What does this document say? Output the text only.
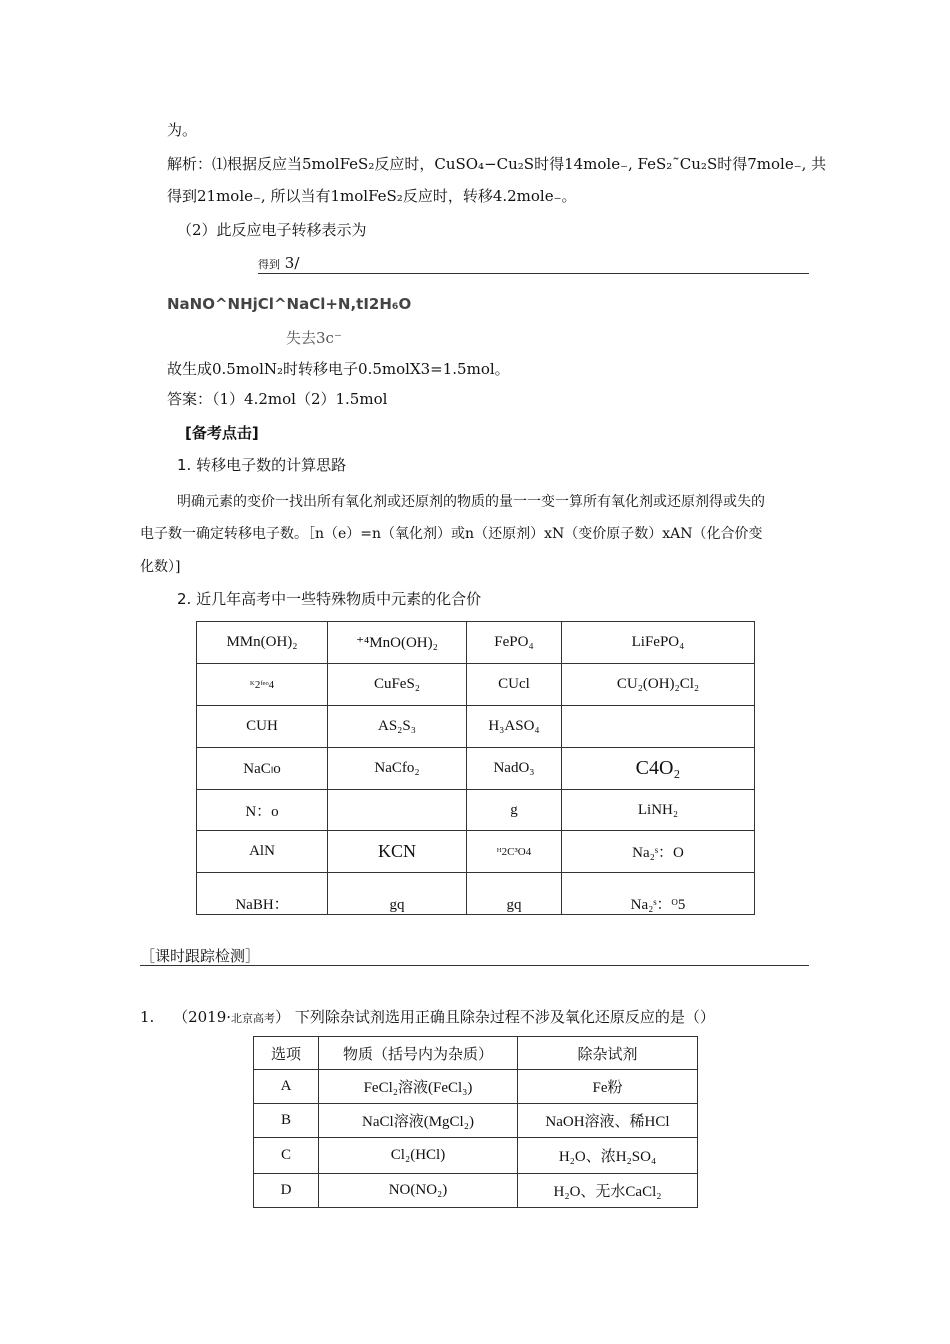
为。
解析：⑴根据反应当5molFeS₂反应时，CuSO₄−Cu₂S时得14mole₋, FeS₂˜Cu₂S时得7mole₋, 共
得到21mole₋, 所以当有1molFeS₂反应时，转移4.2mole₋。
（2）此反应电子转移表示为
得到 3/
NaNO^NHjCl^NaCl+N,tI2H₆O
失去3c⁻
故生成0.5molN₂时转移电子0.5molX3=1.5mol。
答案：（1）4.2mol（2）1.5mol
[备考点击]
1. 转移电子数的计算思路
明确元素的变价一找出所有氧化剂或还原剂的物质的量一一变一算所有氧化剂或还原剂得或失的
电子数一确定转移电子数。［n（e）=n（氧化剂）或n（还原剂）xN（变价原子数）xAN（化合价变
化数）]
2. 近几年高考中一些特殊物质中元素的化合价
MMn(OH)₂	⁺⁴MnO(OH)₂	FePO₄	LiFePO₄
ᴷ2ᶠᵉᵒ4	CuFeS₂	CUcl	CU₂(OH)₂Cl₂
CUH	AS₂S₃	H₃ASO₄	
NaCₗo	NaCfo₂	NadO₃	C4O₂
N：o		g	LiNH₂
AlN	KCN	ᴴ2C³O4	Na₂ˢ：O
NaBH：	gq	gq	Na₂ˢ：ᴼ5
［课时跟踪检测］
1. （2019·北京高考） 下列除杂试剂选用正确且除杂过程不涉及氧化还原反应的是（）
选项	物质（括号内为杂质）	除杂试剂
A	FeCl₂溶液(FeCl₃)	Fe粉
B	NaCl溶液(MgCl₂)	NaOH溶液、稀HCl
C	Cl₂(HCl)	H₂O、浓H₂SO₄
D	NO(NO₂)	H₂O、无水CaCl₂
